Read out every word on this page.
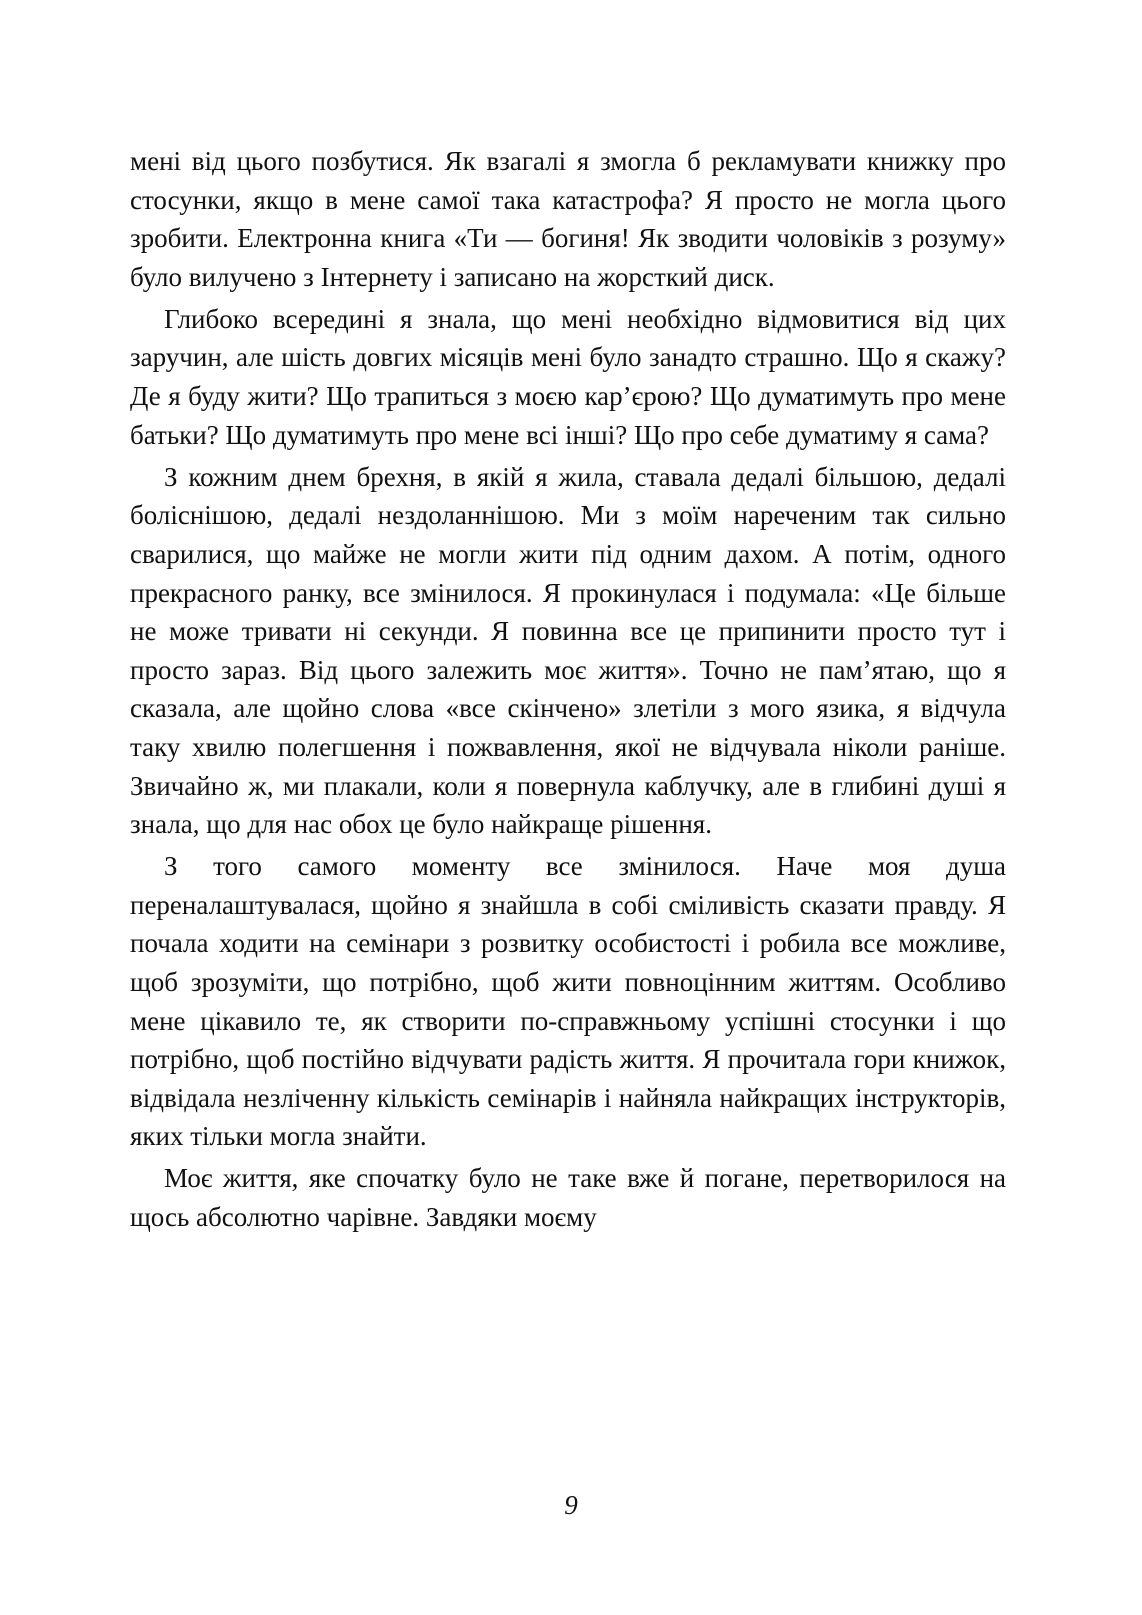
мені від цього позбутися. Як взагалі я змогла б рекламувати книжку про стосунки, якщо в мене самої така катастрофа? Я просто не могла цього зробити. Електронна книга «Ти — богиня! Як зводити чоловіків з розуму» було вилучено з Інтернету і записано на жорсткий диск.

Глибоко всередині я знала, що мені необхідно відмовитися від цих заручин, але шість довгих місяців мені було занадто страшно. Що я скажу? Де я буду жити? Що трапиться з моєю кар’єрою? Що думатимуть про мене батьки? Що думатимуть про мене всі інші? Що про себе думатиму я сама?

З кожним днем брехня, в якій я жила, ставала дедалі більшою, дедалі боліснішою, дедалі нездоланнішою. Ми з моїм нареченим так сильно сварилися, що майже не могли жити під одним дахом. А потім, одного прекрасного ранку, все змінилося. Я прокинулася і подумала: «Це більше не може тривати ні секунди. Я повинна все це припинити просто тут і просто зараз. Від цього залежить моє життя». Точно не пам’ятаю, що я сказала, але щойно слова «все скінчено» злетіли з мого язика, я відчула таку хвилю полегшення і пожвавлення, якої не відчувала ніколи раніше. Звичайно ж, ми плакали, коли я повернула каблучку, але в глибині душі я знала, що для нас обох це було найкраще рішення.

З того самого моменту все змінилося. Наче моя душа переналаштувалася, щойно я знайшла в собі сміливість сказати правду. Я почала ходити на семінари з розвитку особистості і робила все можливе, щоб зрозуміти, що потрібно, щоб жити повноцінним життям. Особливо мене цікавило те, як створити по-справжньому успішні стосунки і що потрібно, щоб постійно відчувати радість життя. Я прочитала гори книжок, відвідала незліченну кількість семінарів і найняла найкращих інструкторів, яких тільки могла знайти.

Моє життя, яке спочатку було не таке вже й погане, перетворилося на щось абсолютно чарівне. Завдяки моєму

9
